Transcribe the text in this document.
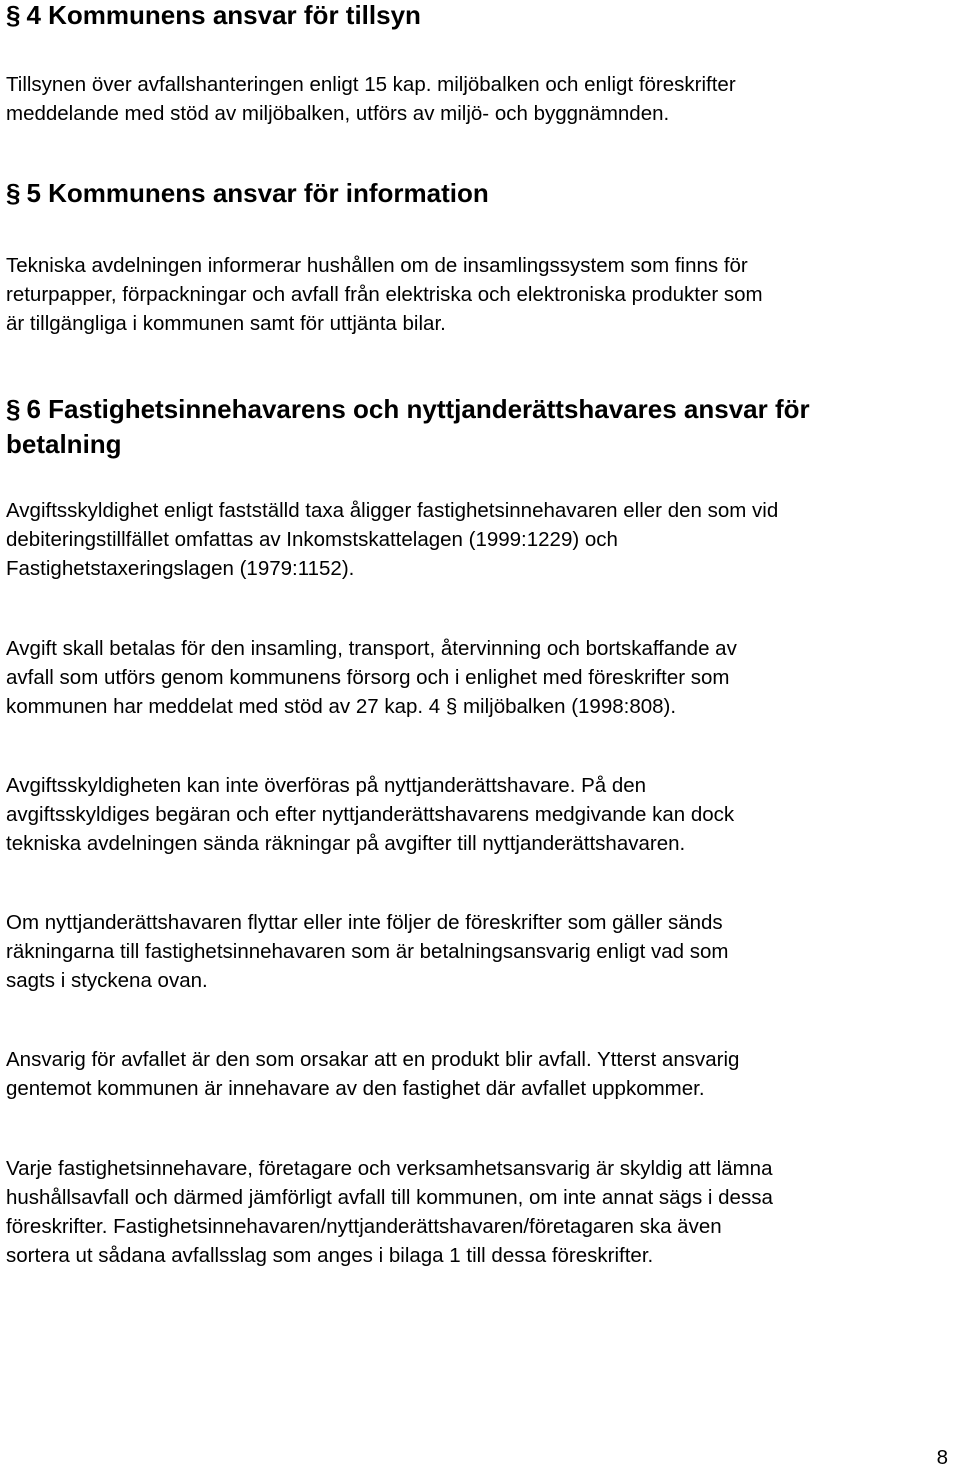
§ 4 Kommunens ansvar för tillsyn

Tillsynen över avfallshanteringen enligt 15 kap. miljöbalken och enligt föreskrifter
meddelande med stöd av miljöbalken, utförs av miljö- och byggnämnden.

§ 5 Kommunens ansvar för information

Tekniska avdelningen informerar hushållen om de insamlingssystem som finns för
returpapper, förpackningar och avfall från elektriska och elektroniska produkter som
är tillgängliga i kommunen samt för uttjänta bilar.

§ 6 Fastighetsinnehavarens och nyttjanderättshavares ansvar för
betalning

Avgiftsskyldighet enligt fastställd taxa åligger fastighetsinnehavaren eller den som vid
debiteringstillfället omfattas av Inkomstskattelagen (1999:1229) och
Fastighetstaxeringslagen (1979:1152).

Avgift skall betalas för den insamling, transport, återvinning och bortskaffande av
avfall som utförs genom kommunens försorg och i enlighet med föreskrifter som
kommunen har meddelat med stöd av 27 kap. 4 § miljöbalken (1998:808).

Avgiftsskyldigheten kan inte överföras på nyttjanderättshavare. På den
avgiftsskyldiges begäran och efter nyttjanderättshavarens medgivande kan dock
tekniska avdelningen sända räkningar på avgifter till nyttjanderättshavaren.

Om nyttjanderättshavaren flyttar eller inte följer de föreskrifter som gäller sänds
räkningarna till fastighetsinnehavaren som är betalningsansvarig enligt vad som
sagts i styckena ovan.

Ansvarig för avfallet är den som orsakar att en produkt blir avfall. Ytterst ansvarig
gentemot kommunen är innehavare av den fastighet där avfallet uppkommer.

Varje fastighetsinnehavare, företagare och verksamhetsansvarig är skyldig att lämna
hushållsavfall och därmed jämförligt avfall till kommunen, om inte annat sägs i dessa
föreskrifter. Fastighetsinnehavaren/nyttjanderättshavaren/företagaren ska även
sortera ut sådana avfallsslag som anges i bilaga 1 till dessa föreskrifter.

8
